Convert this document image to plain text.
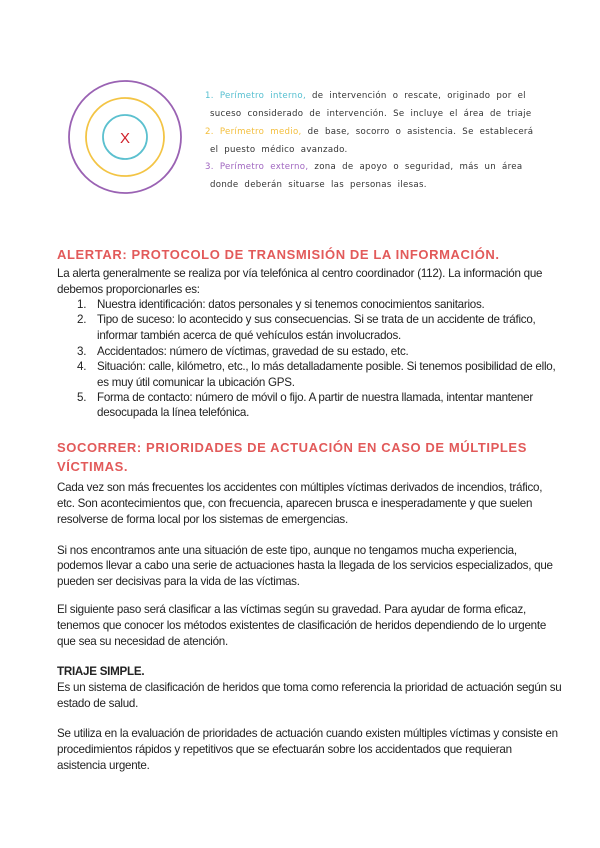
X
1. Perímetro interno, de intervención o rescate, originado por el
suceso considerado de intervención. Se incluye el área de triaje
2. Perímetro medio, de base, socorro o asistencia. Se establecerá
el puesto médico avanzado.
3. Perímetro externo, zona de apoyo o seguridad, más un área
donde deberán situarse las personas ilesas.
ALERTAR: PROTOCOLO DE TRANSMISIÓN DE LA INFORMACIÓN.
La alerta generalmente se realiza por vía telefónica al centro coordinador (112). La información que
debemos proporcionarles es:
1. Nuestra identificación: datos personales y si tenemos conocimientos sanitarios.
2. Tipo de suceso: lo acontecido y sus consecuencias. Si se trata de un accidente de tráfico,
informar también acerca de qué vehículos están involucrados.
3. Accidentados: número de víctimas, gravedad de su estado, etc.
4. Situación: calle, kilómetro, etc., lo más detalladamente posible. Si tenemos posibilidad de ello,
es muy útil comunicar la ubicación GPS.
5. Forma de contacto: número de móvil o fijo. A partir de nuestra llamada, intentar mantener
desocupada la línea telefónica.
SOCORRER: PRIORIDADES DE ACTUACIÓN EN CASO DE MÚLTIPLES
VÍCTIMAS.
Cada vez son más frecuentes los accidentes con múltiples víctimas derivados de incendios, tráfico,
etc. Son acontecimientos que, con frecuencia, aparecen brusca e inesperadamente y que suelen
resolverse de forma local por los sistemas de emergencias.
Si nos encontramos ante una situación de este tipo, aunque no tengamos mucha experiencia,
podemos llevar a cabo una serie de actuaciones hasta la llegada de los servicios especializados, que
pueden ser decisivas para la vida de las víctimas.
El siguiente paso será clasificar a las víctimas según su gravedad. Para ayudar de forma eficaz,
tenemos que conocer los métodos existentes de clasificación de heridos dependiendo de lo urgente
que sea su necesidad de atención.
TRIAJE SIMPLE.
Es un sistema de clasificación de heridos que toma como referencia la prioridad de actuación según su
estado de salud.
Se utiliza en la evaluación de prioridades de actuación cuando existen múltiples víctimas y consiste en
procedimientos rápidos y repetitivos que se efectuarán sobre los accidentados que requieran
asistencia urgente.
